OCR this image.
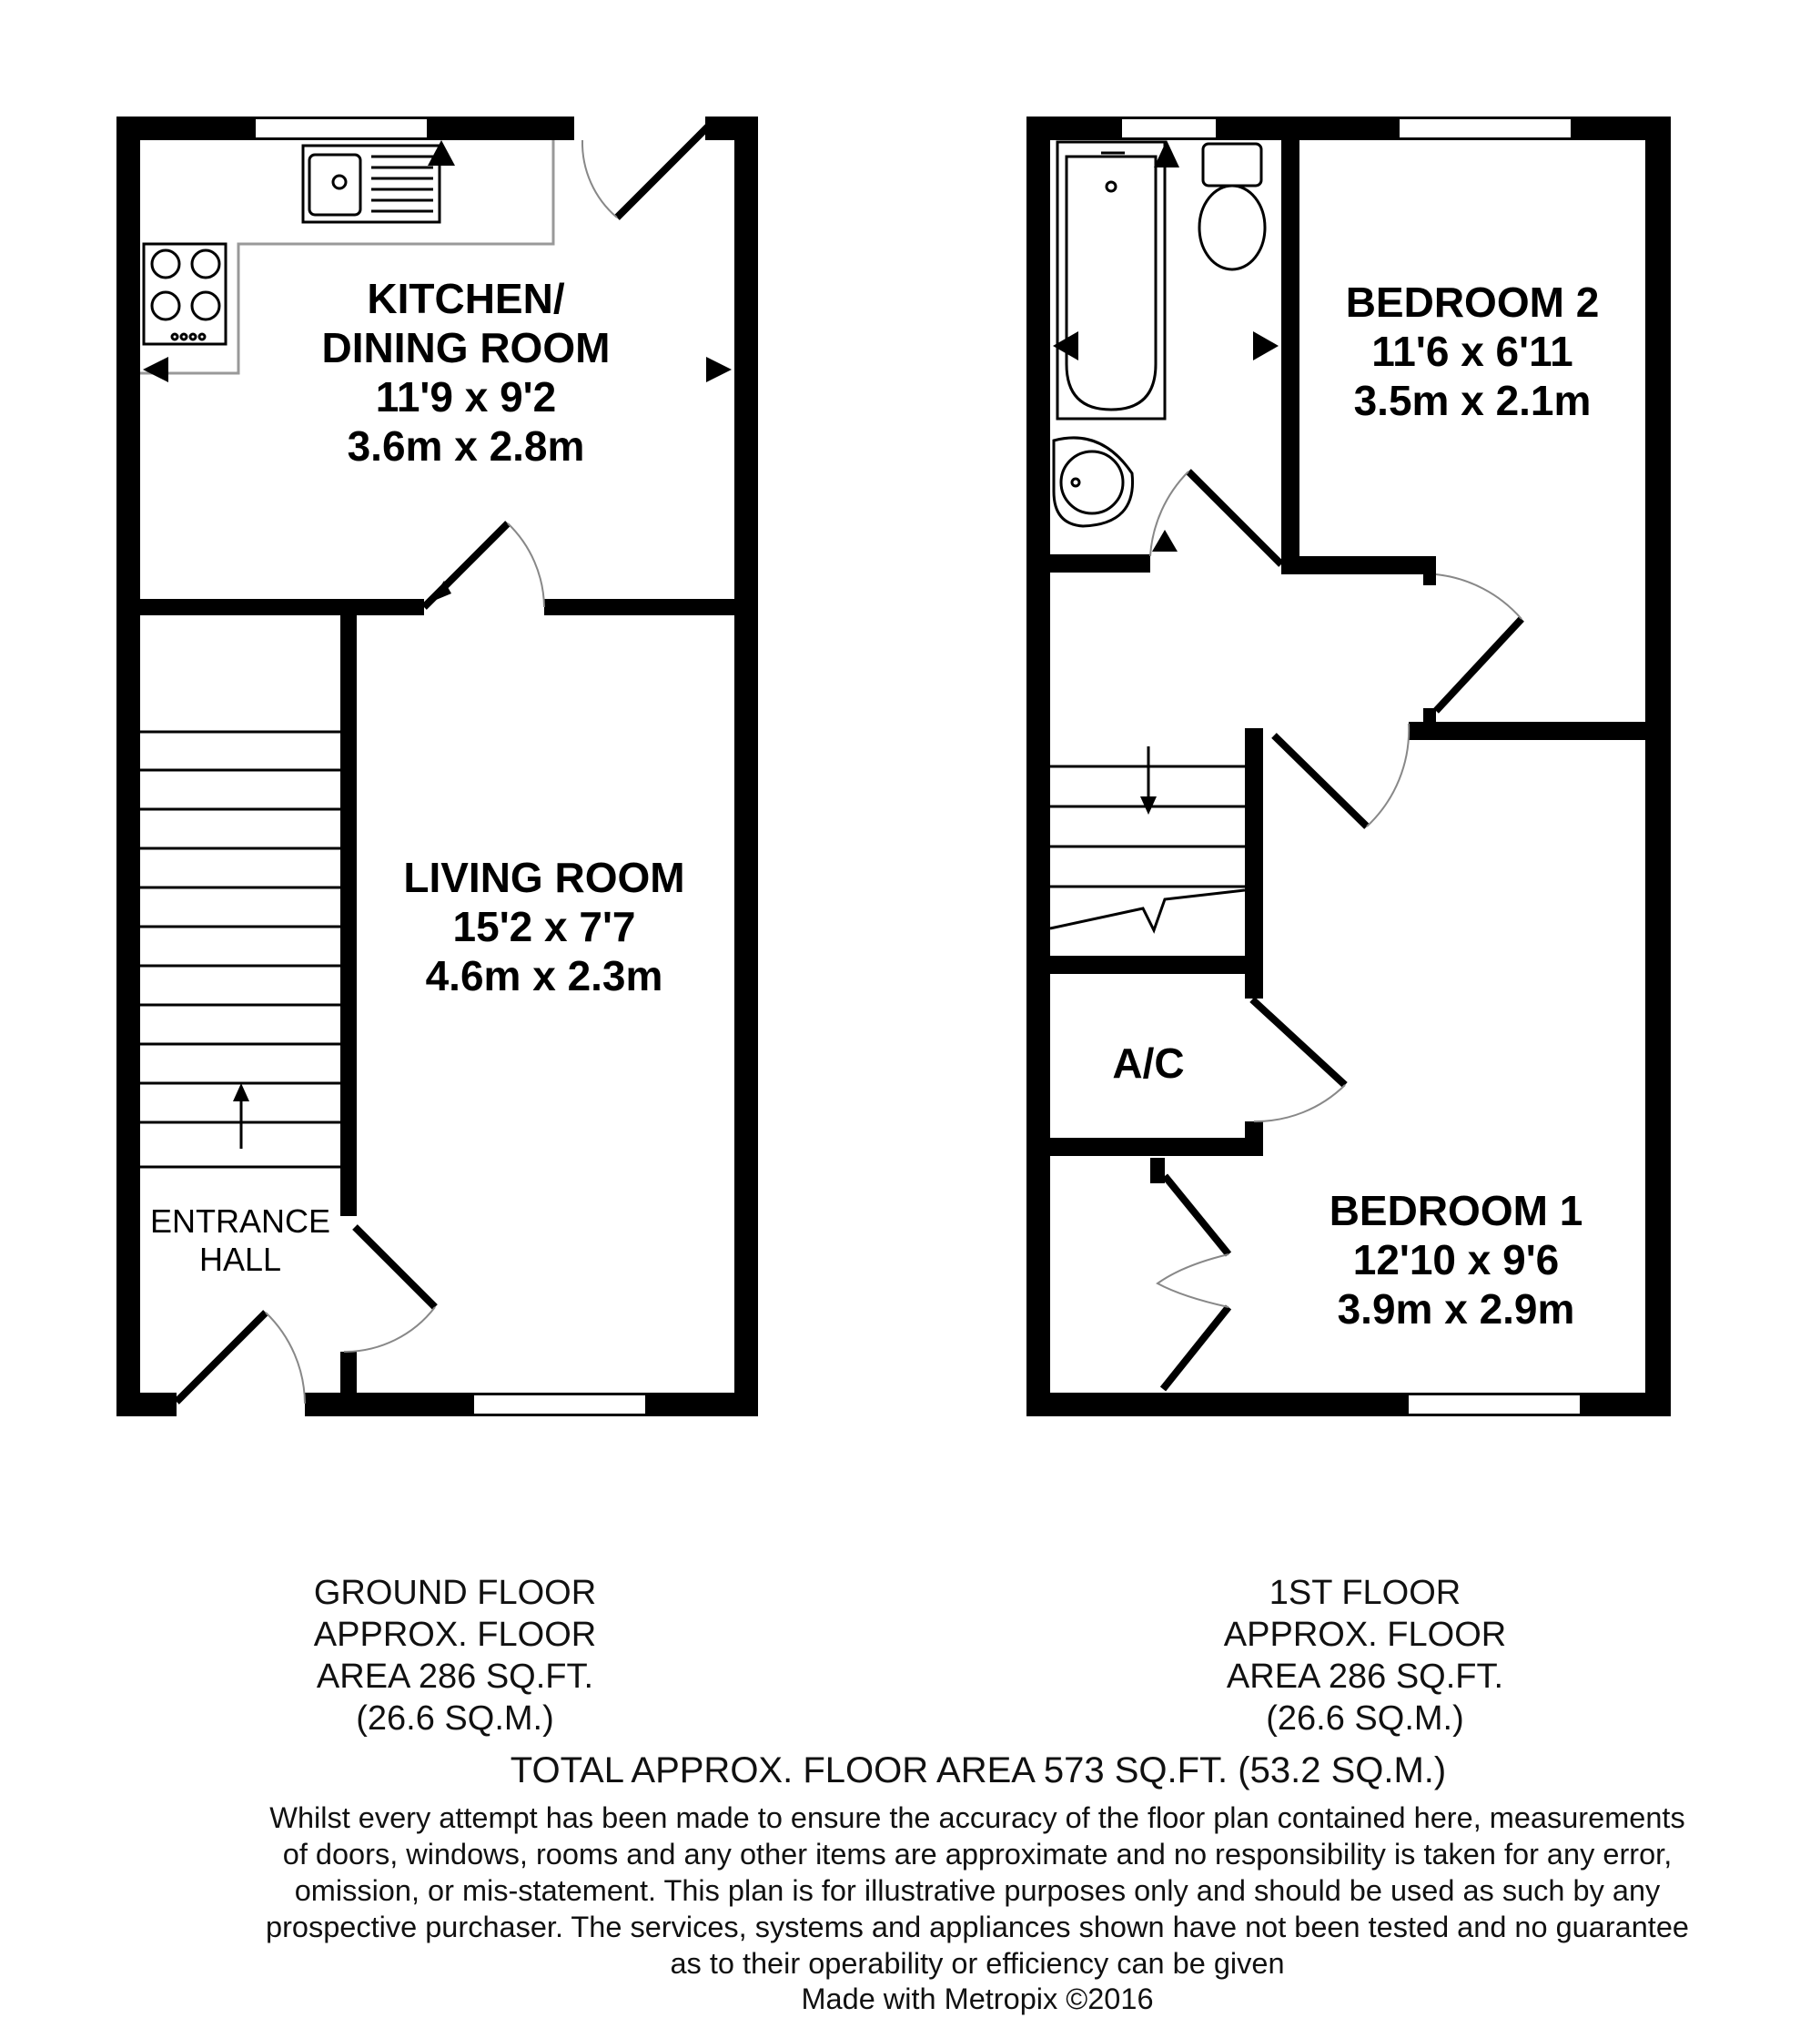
KITCHEN/
DINING ROOM
11'9 x 9'2
3.6m x 2.8m
LIVING ROOM
15'2 x 7'7
4.6m x 2.3m
ENTRANCE
HALL
BEDROOM 2
11'6 x 6'11
3.5m x 2.1m
BEDROOM 1
12'10 x 9'6
3.9m x 2.9m
A/C
GROUND FLOOR
APPROX. FLOOR
AREA 286 SQ.FT.
(26.6 SQ.M.)
1ST FLOOR
APPROX. FLOOR
AREA 286 SQ.FT.
(26.6 SQ.M.)
TOTAL APPROX. FLOOR AREA 573 SQ.FT. (53.2 SQ.M.)
Whilst every attempt has been made to ensure the accuracy of the floor plan contained here, measurements
of doors, windows, rooms and any other items are approximate and no responsibility is taken for any error,
omission, or mis-statement. This plan is for illustrative purposes only and should be used as such by any
prospective purchaser. The services, systems and appliances shown have not been tested and no guarantee
as to their operability or efficiency can be given
Made with Metropix ©2016
